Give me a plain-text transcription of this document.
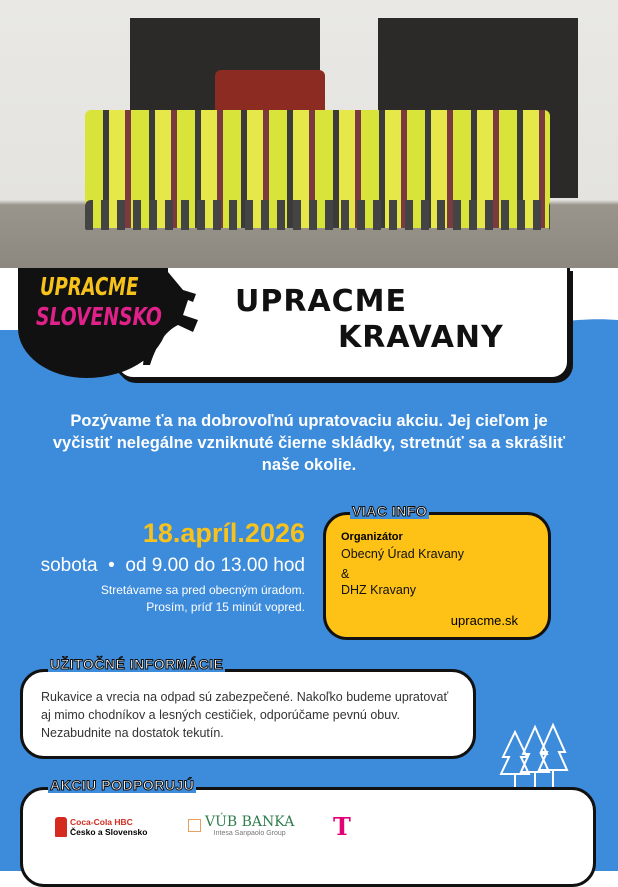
UPRACME
KRAVANY
UPRACME
SLOVENSKO
Pozývame ťa na dobrovoľnú upratovaciu akciu. Jej cieľom je vyčistiť nelegálne vzniknuté čierne skládky, stretnúť sa a skrášliť naše okolie.
18.apríl.2026
sobota  •  od 9.00 do 13.00 hod
Stretávame sa pred obecným úradom.
Prosím, príď 15 minút vopred.
Organizátor
Obecný Úrad Kravany
&
DHZ Kravany
upracme.sk
VIAC INFO

Rukavice a vrecia na odpad sú zabezpečené. Nakoľko budeme upratovať aj mimo chodníkov a lesných cestičiek, odporúčame pevnú obuv. Nezabudnite na dostatok tekutín.

UŽITOČNÉ INFORMÁCIE
Coca-Cola HBC
Česko a Slovensko
VÚB BANKA
Intesa Sanpaolo Group	T
AKCIU PODPORUJÚ
